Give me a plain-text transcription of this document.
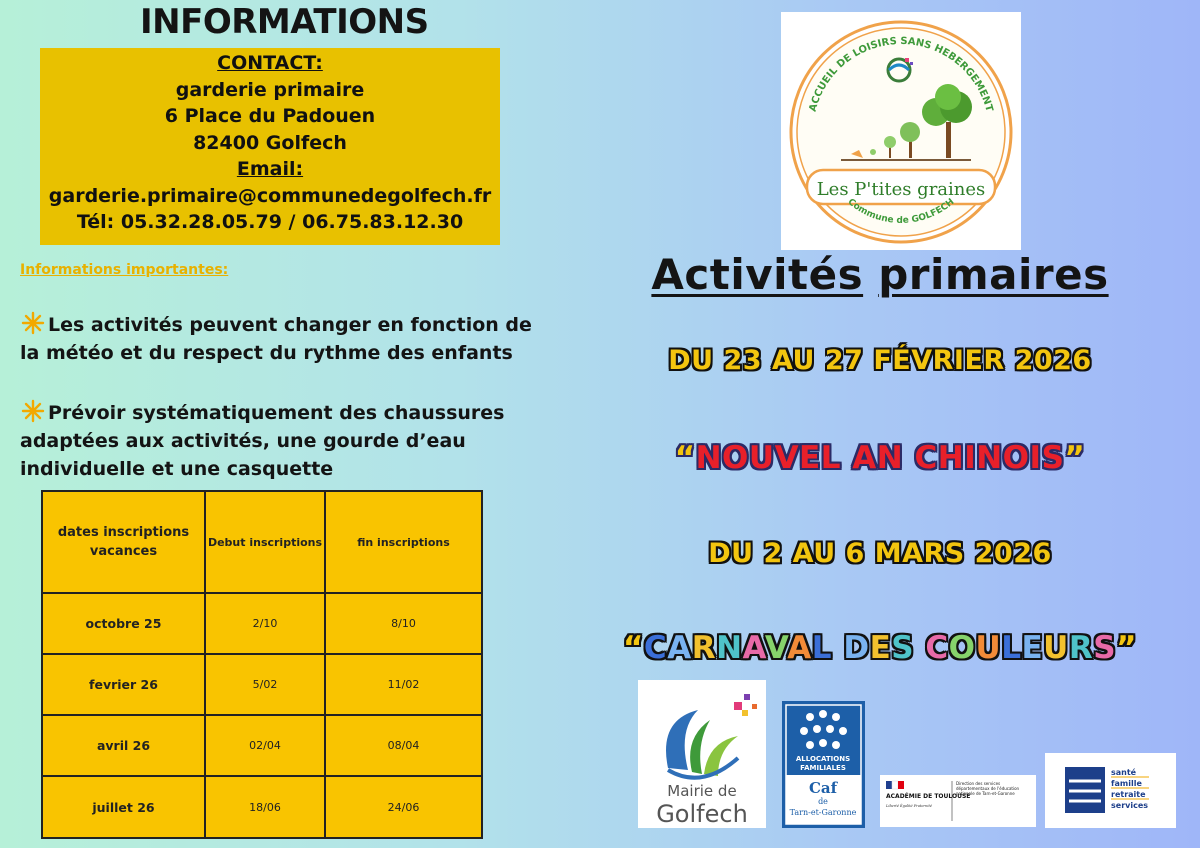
INFORMATIONS
CONTACT:
garderie primaire
6 Place du Padouen
82400 Golfech
Email:
garderie.primaire@communedegolfech.fr
Tél: 05.32.28.05.79 / 06.75.83.12.30
Informations importantes:
Les activités peuvent changer en fonction de la météo et du respect du rythme des enfants
Prévoir systématiquement des chaussures adaptées aux activités, une gourde d’eau individuelle et une casquette
dates inscriptions vacances	Debut inscriptions	fin inscriptions
octobre 25	2/10	8/10
fevrier 26	5/02	11/02
avril 26	02/04	08/04
juillet 26	18/06	24/06
ACCUEIL DE LOISIRS SANS HEBERGEMENT
Les P'tites graines
Commune de GOLFECH
Activités primaires
DU 23 AU 27 FÉVRIER 2026
“NOUVEL AN CHINOIS”
DU 2 AU 6 MARS 2026
“CARNAVAL DES COULEURS”
Mairie de
Golfech
ALLOCATIONS
FAMILIALES
Caf
de
Tarn-et-Garonne
ACADÉMIE DE TOULOUSE
Liberté Égalité Fraternité
Direction des services départementaux de l'éducation nationale de Tarn-et-Garonne
santé
famille
retraite
services
